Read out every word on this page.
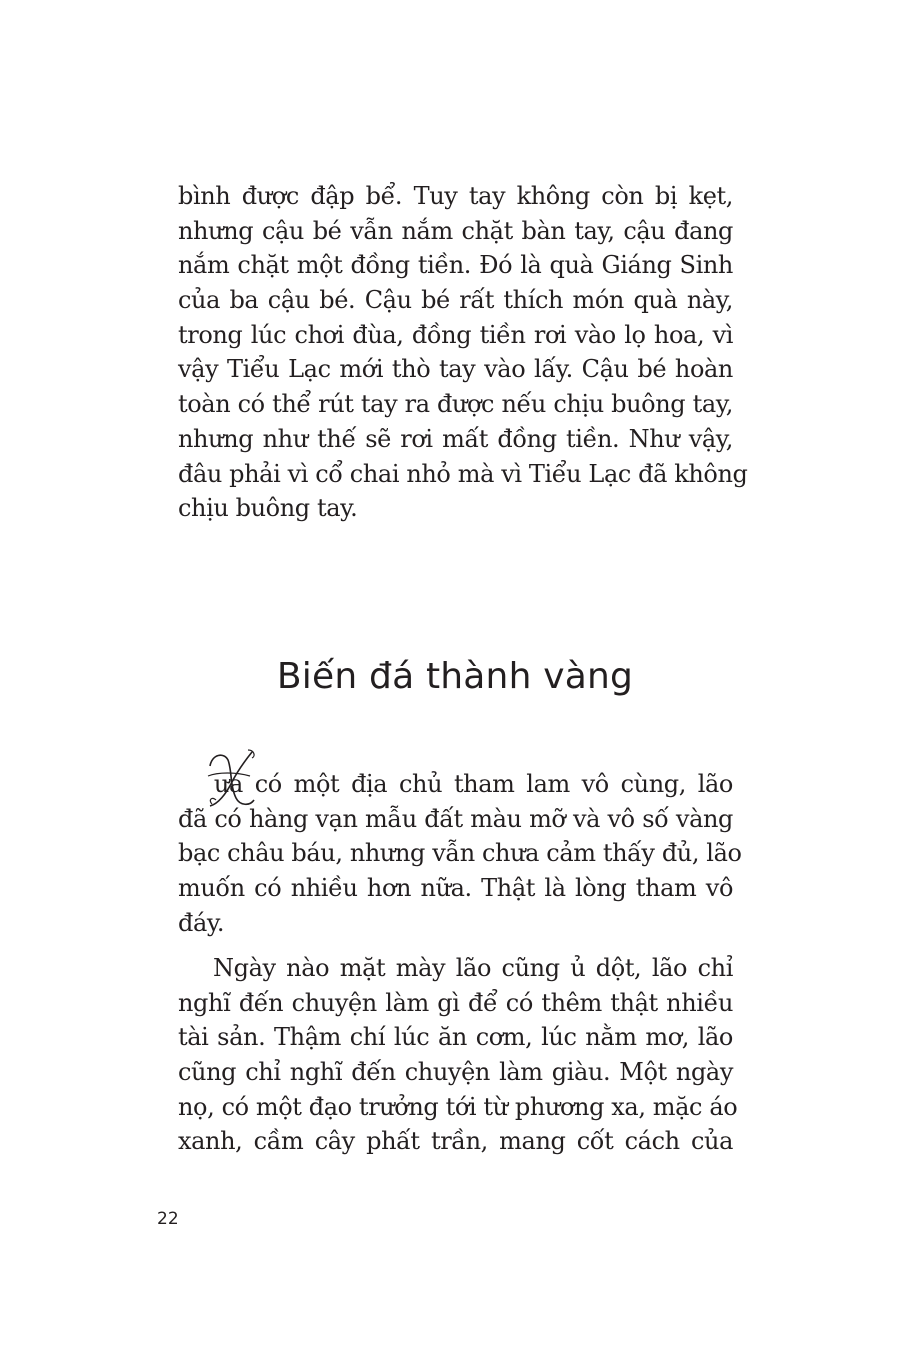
bình được đập bể. Tuy tay không còn bị kẹt,
nhưng cậu bé vẫn nắm chặt bàn tay, cậu đang
nắm chặt một đồng tiền. Đó là quà Giáng Sinh
của ba cậu bé. Cậu bé rất thích món quà này,
trong lúc chơi đùa, đồng tiền rơi vào lọ hoa, vì
vậy Tiểu Lạc mới thò tay vào lấy. Cậu bé hoàn
toàn có thể rút tay ra được nếu chịu buông tay,
nhưng như thế sẽ rơi mất đồng tiền. Như vậy,
đâu phải vì cổ chai nhỏ mà vì Tiểu Lạc đã không
chịu buông tay.
Biến đá thành vàng
X
ưa có một địa chủ tham lam vô cùng, lão
đã có hàng vạn mẫu đất màu mỡ và vô số vàng
bạc châu báu, nhưng vẫn chưa cảm thấy đủ, lão
muốn có nhiều hơn nữa. Thật là lòng tham vô
đáy.
Ngày nào mặt mày lão cũng ủ dột, lão chỉ
nghĩ đến chuyện làm gì để có thêm thật nhiều
tài sản. Thậm chí lúc ăn cơm, lúc nằm mơ, lão
cũng chỉ nghĩ đến chuyện làm giàu. Một ngày
nọ, có một đạo trưởng tới từ phương xa, mặc áo
xanh, cầm cây phất trần, mang cốt cách của
22
